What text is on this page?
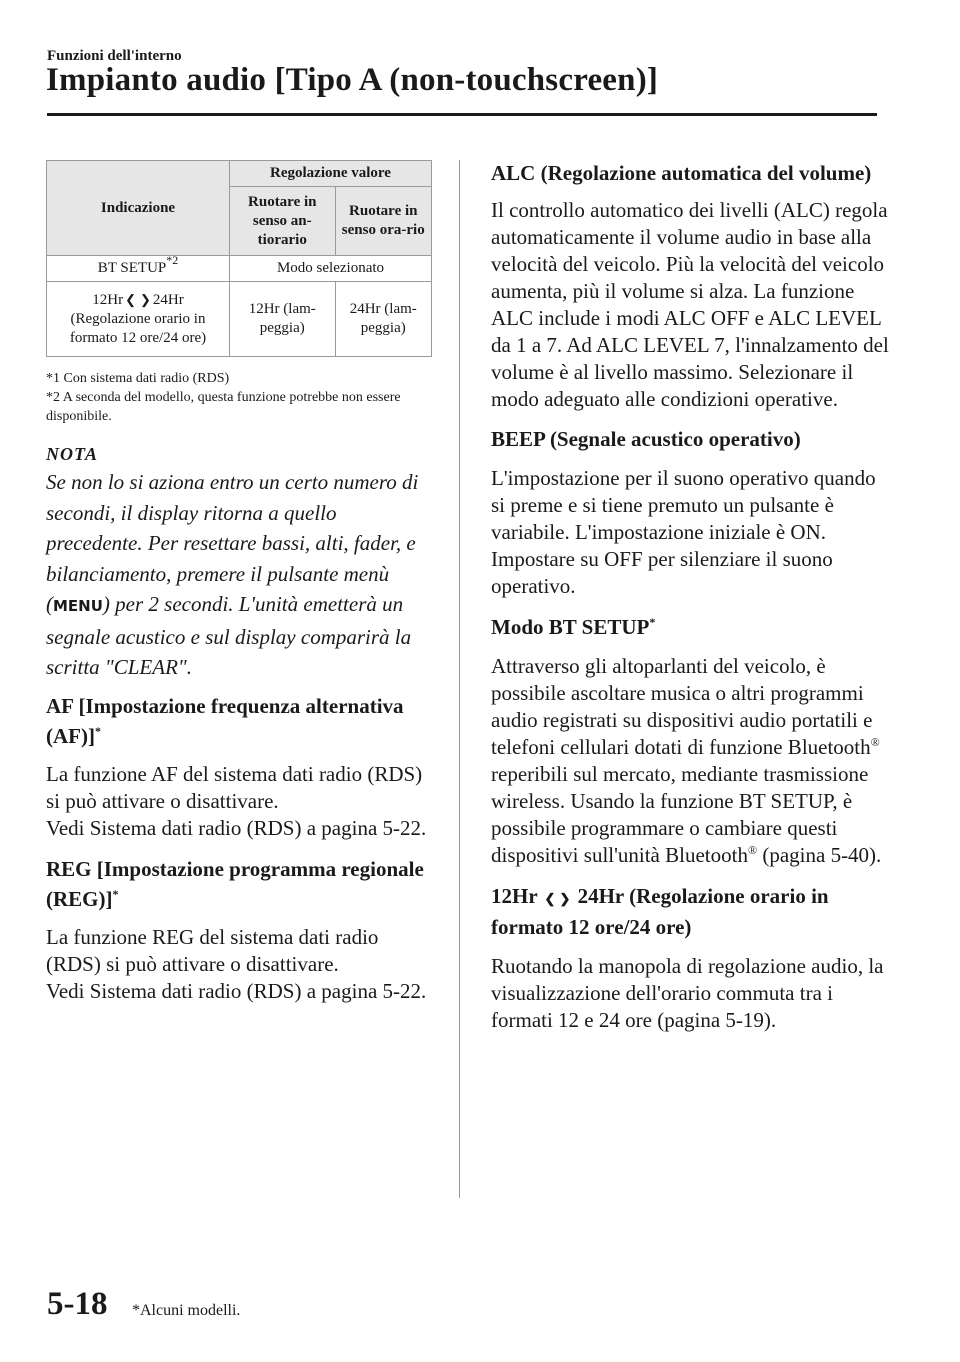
Funzioni dell'interno
Impianto audio [Tipo A (non-touchscreen)]
Indicazione	Regolazione valore	
	Ruotare in senso an-tiorario	Ruotare in senso ora-rio
BT SETUP$^{*2}$	Modo selezionato	
12Hr ❮ ❯ 24Hr
(Regolazione orario in formato 12 ore/24 ore)	12Hr (lam-peggia)	24Hr (lam-peggia)

*1 Con sistema dati radio (RDS)

*2 A seconda del modello, questa funzione potrebbe non essere disponibile.

NOTA

Se non lo si aziona entro un certo numero di secondi, il display ritorna a quello precedente. Per resettare bassi, alti, fader, e bilanciamento, premere il pulsante menù (MENU) per 2 secondi. L'unità emetterà un segnale acustico e sul display comparirà la scritta "CLEAR".

AF [Impostazione frequenza alternativa (AF)]*

La funzione AF del sistema dati radio (RDS) si può attivare o disattivare.

Vedi Sistema dati radio (RDS) a pagina 5-22.

REG [Impostazione programma regionale (REG)]*

La funzione REG del sistema dati radio (RDS) si può attivare o disattivare.

Vedi Sistema dati radio (RDS) a pagina 5-22.

ALC (Regolazione automatica del volume)

Il controllo automatico dei livelli (ALC) regola automaticamente il volume audio in base alla velocità del veicolo. Più la velocità del veicolo aumenta, più il volume si alza. La funzione ALC include i modi ALC OFF e ALC LEVEL da 1 a 7. Ad ALC LEVEL 7, l'innalzamento del volume è al livello massimo. Selezionare il modo adeguato alle condizioni operative.

BEEP (Segnale acustico operativo)

L'impostazione per il suono operativo quando si preme e si tiene premuto un pulsante è variabile. L'impostazione iniziale è ON. Impostare su OFF per silenziare il suono operativo.

Modo BT SETUP*

Attraverso gli altoparlanti del veicolo, è possibile ascoltare musica o altri programmi audio registrati su dispositivi audio portatili e telefoni cellulari dotati di funzione Bluetooth® reperibili sul mercato, mediante trasmissione wireless. Usando la funzione BT SETUP, è possibile programmare o cambiare questi dispositivi sull'unità Bluetooth® (pagina 5-40).

12Hr ❮ ❯ 24Hr (Regolazione orario in formato 12 ore/24 ore)

Ruotando la manopola di regolazione audio, la visualizzazione dell'orario commuta tra i formati 12 e 24 ore (pagina 5-19).

5-18 *Alcuni modelli.
